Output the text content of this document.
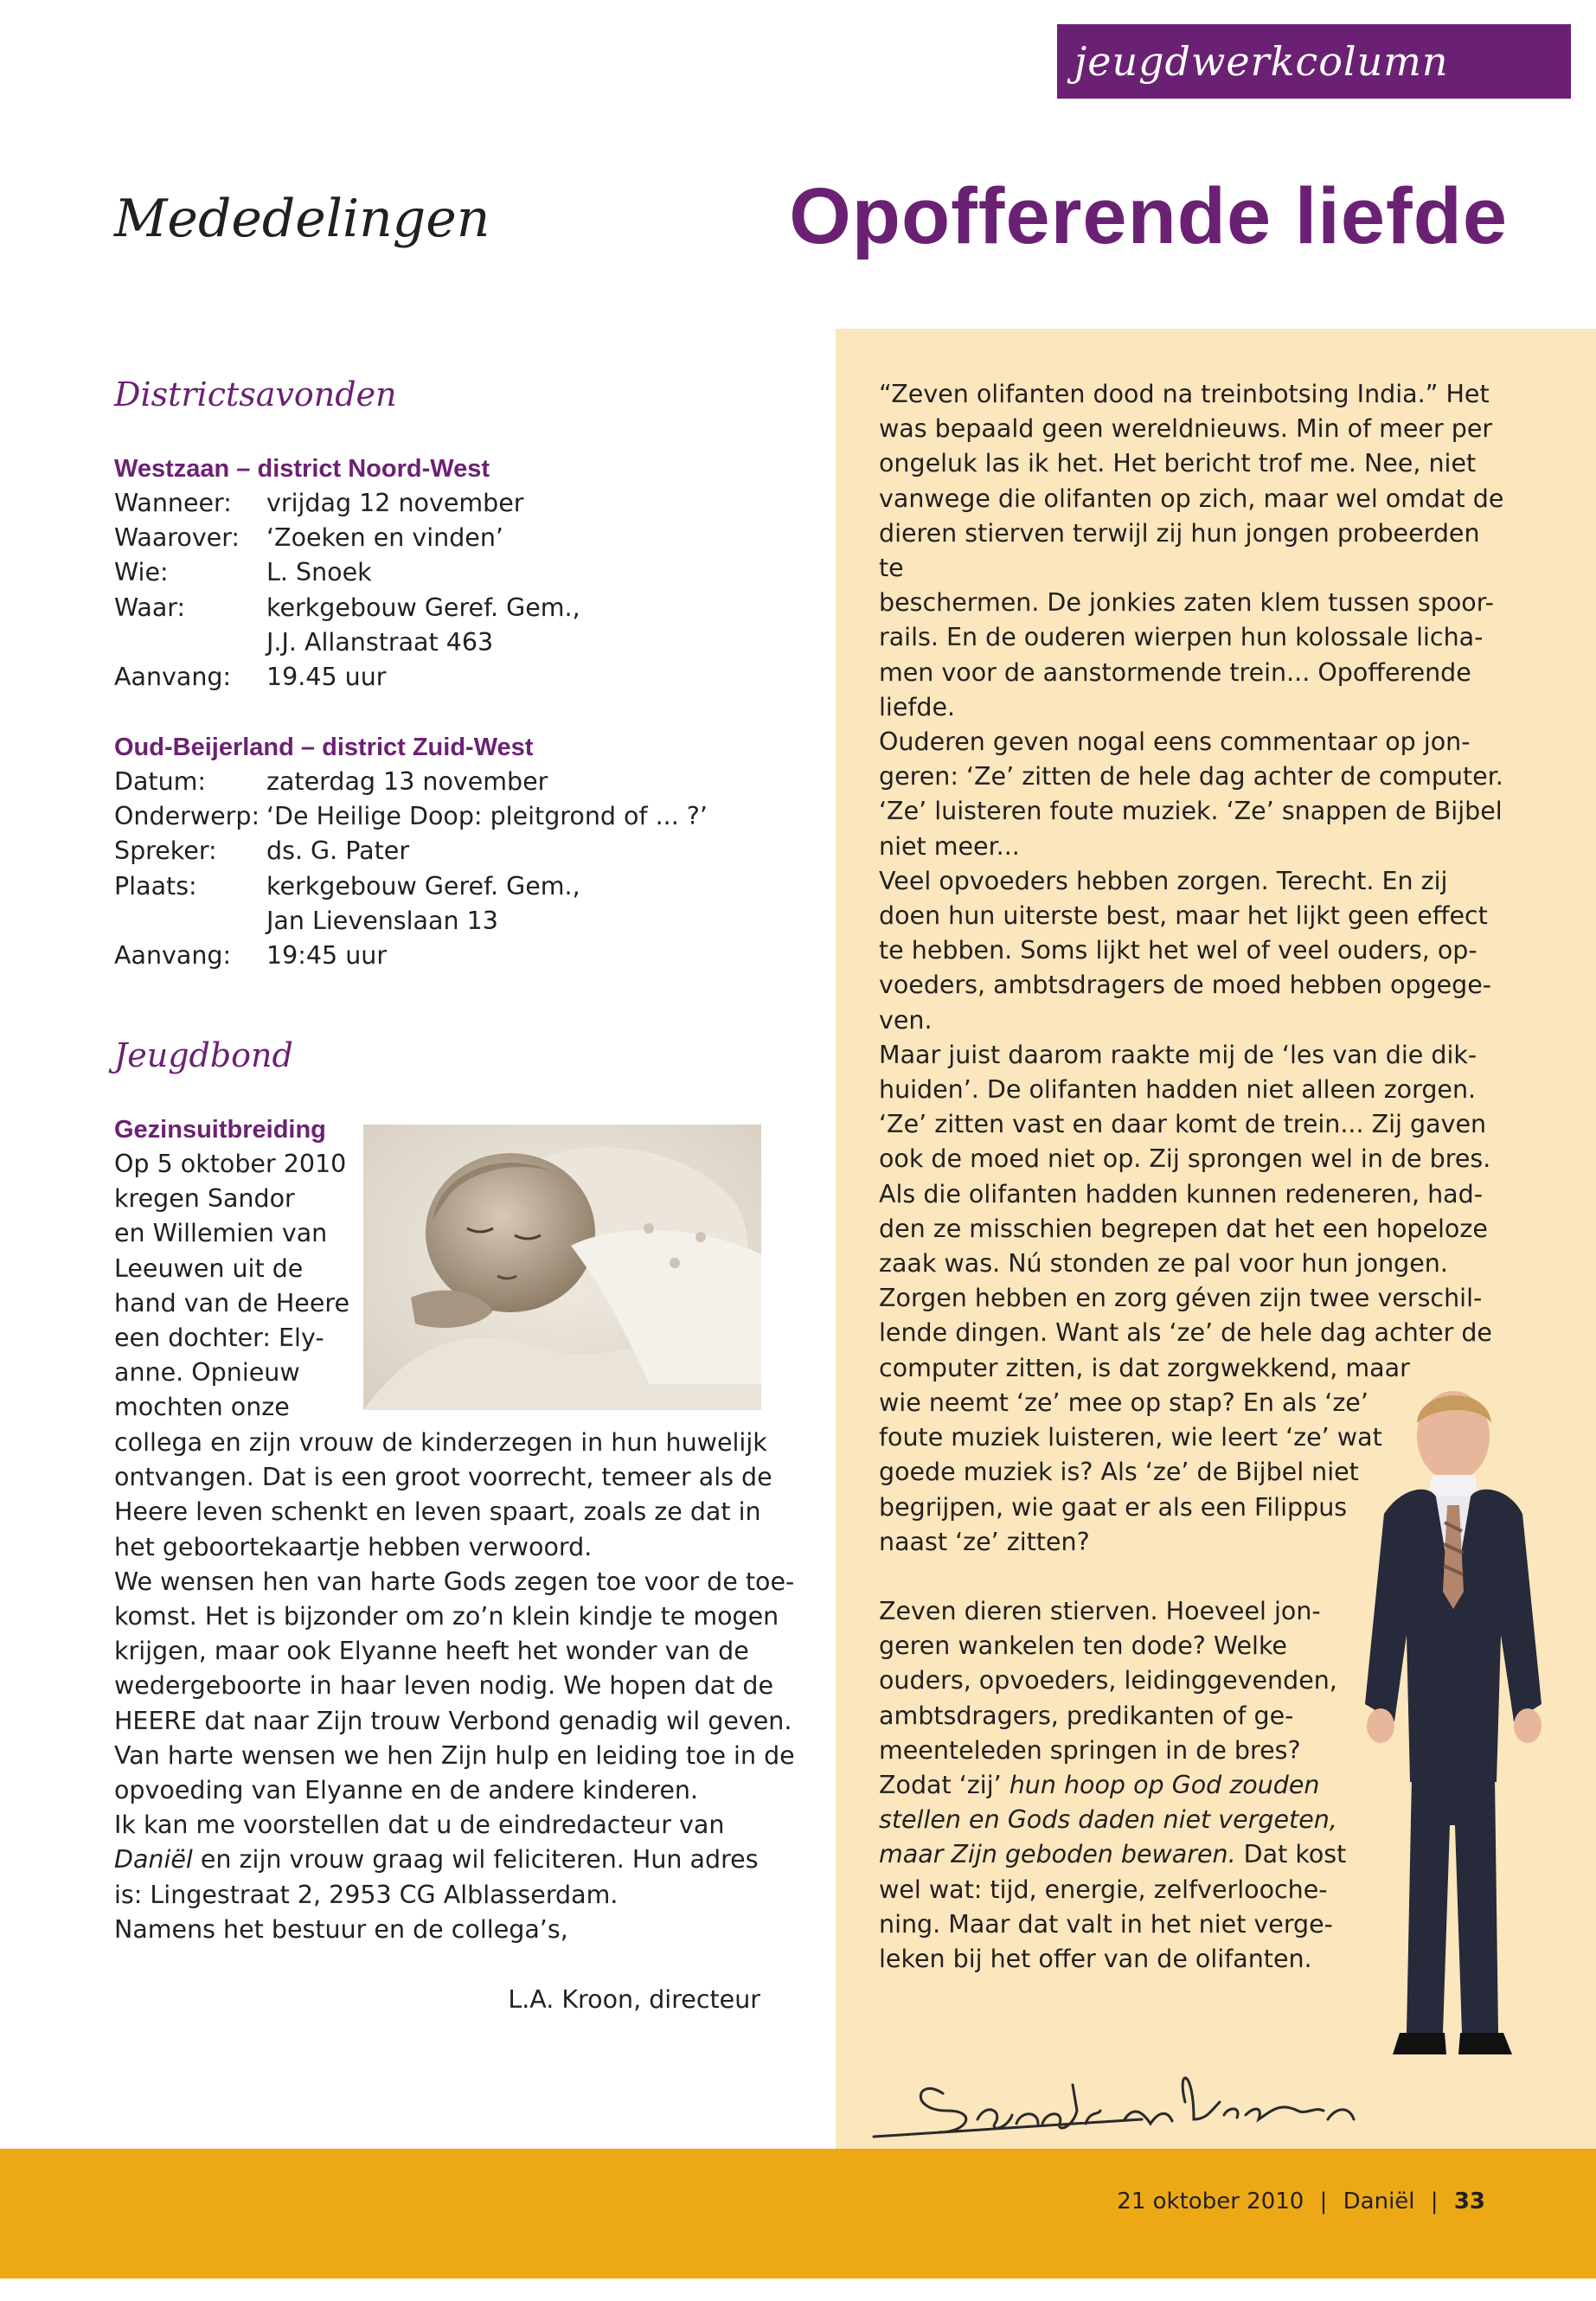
jeugdwerkcolumn
Mededelingen	Opofferende liefde
Districtsavonden
Westzaan – district Noord-West
Wanneer:	vrijdag 12 november
Waarover:	‘Zoeken en vinden’
Wie:	L. Snoek
Waar:	kerkgebouw Geref. Gem.,
J.J. Allanstraat 463
Aanvang:	19.45 uur
Oud-Beijerland – district Zuid-West
Datum:	zaterdag 13 november
Onderwerp: ‘De Heilige Doop: pleitgrond of ... ?’
Spreker:	ds. G. Pater
Plaats:	kerkgebouw Geref. Gem.,
Jan Lievenslaan 13
Aanvang:	19:45 uur
Jeugdbond
Gezinsuitbreiding
Op 5 oktober 2010
kregen Sandor
en Willemien van
Leeuwen uit de
hand van de Heere
een dochter: Ely-
anne. Opnieuw
mochten onze
collega en zijn vrouw de kinderzegen in hun huwelijk
ontvangen. Dat is een groot voorrecht, temeer als de
Heere leven schenkt en leven spaart, zoals ze dat in
het geboortekaartje hebben verwoord.
We wensen hen van harte Gods zegen toe voor de toe-
komst. Het is bijzonder om zo’n klein kindje te mogen
krijgen, maar ook Elyanne heeft het wonder van de
wedergeboorte in haar leven nodig. We hopen dat de
HEERE dat naar Zijn trouw Verbond genadig wil geven.
Van harte wensen we hen Zijn hulp en leiding toe in de
opvoeding van Elyanne en de andere kinderen.
Ik kan me voorstellen dat u de eindredacteur van
Daniël en zijn vrouw graag wil feliciteren. Hun adres
is: Lingestraat 2, 2953 CG Alblasserdam.
Namens het bestuur en de collega’s,
L.A. Kroon, directeur
“Zeven olifanten dood na treinbotsing India.” Het
was bepaald geen wereldnieuws. Min of meer per
ongeluk las ik het. Het bericht trof me. Nee, niet
vanwege die olifanten op zich, maar wel omdat de
dieren stierven terwijl zij hun jongen probeerden te
beschermen. De jonkies zaten klem tussen spoor-
rails. En de ouderen wierpen hun kolossale licha-
men voor de aanstormende trein... Opofferende
liefde.
Ouderen geven nogal eens commentaar op jon-
geren: ‘Ze’ zitten de hele dag achter de computer.
‘Ze’ luisteren foute muziek. ‘Ze’ snappen de Bijbel
niet meer...
Veel opvoeders hebben zorgen. Terecht. En zij
doen hun uiterste best, maar het lijkt geen effect
te hebben. Soms lijkt het wel of veel ouders, op-
voeders, ambtsdragers de moed hebben opgege-
ven.
Maar juist daarom raakte mij de ‘les van die dik-
huiden’. De olifanten hadden niet alleen zorgen.
‘Ze’ zitten vast en daar komt de trein... Zij gaven
ook de moed niet op. Zij sprongen wel in de bres.
Als die olifanten hadden kunnen redeneren, had-
den ze misschien begrepen dat het een hopeloze
zaak was. Nú stonden ze pal voor hun jongen.
Zorgen hebben en zorg géven zijn twee verschil-
lende dingen. Want als ‘ze’ de hele dag achter de
computer zitten, is dat zorgwekkend, maar
wie neemt ‘ze’ mee op stap? En als ‘ze’
foute muziek luisteren, wie leert ‘ze’ wat
goede muziek is? Als ‘ze’ de Bijbel niet
begrijpen, wie gaat er als een Filippus
naast ‘ze’ zitten?
Zeven dieren stierven. Hoeveel jon-
geren wankelen ten dode? Welke
ouders, opvoeders, leidinggevenden,
ambtsdragers, predikanten of ge-
meenteleden springen in de bres?
Zodat ‘zij’ hun hoop op God zouden
stellen en Gods daden niet vergeten,
maar Zijn geboden bewaren. Dat kost
wel wat: tijd, energie, zelfverlooche-
ning. Maar dat valt in het niet verge-
leken bij het offer van de olifanten.
21 oktober 2010 | Daniël | 33
